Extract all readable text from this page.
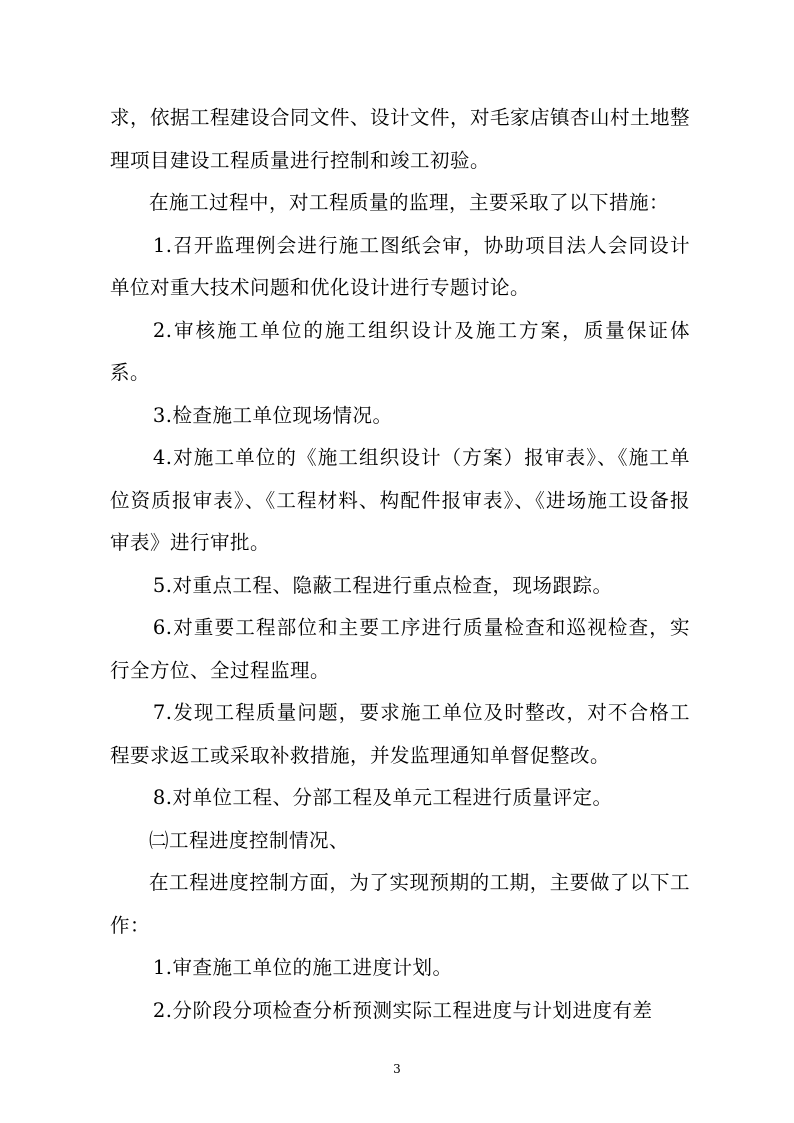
求，依据工程建设合同文件、设计文件，对毛家店镇杏山村土地整理项目建设工程质量进行控制和竣工初验。

在施工过程中，对工程质量的监理，主要采取了以下措施：

1.召开监理例会进行施工图纸会审，协助项目法人会同设计单位对重大技术问题和优化设计进行专题讨论。

2.审核施工单位的施工组织设计及施工方案，质量保证体系。

3.检查施工单位现场情况。

4.对施工单位的《施工组织设计（方案）报审表》、《施工单位资质报审表》、《工程材料、构配件报审表》、《进场施工设备报审表》进行审批。

5.对重点工程、隐蔽工程进行重点检查，现场跟踪。

6.对重要工程部位和主要工序进行质量检查和巡视检查，实行全方位、全过程监理。

7.发现工程质量问题，要求施工单位及时整改，对不合格工程要求返工或采取补救措施，并发监理通知单督促整改。

8.对单位工程、分部工程及单元工程进行质量评定。

㈡工程进度控制情况、

在工程进度控制方面，为了实现预期的工期，主要做了以下工作：

1.审查施工单位的施工进度计划。

2.分阶段分项检查分析预测实际工程进度与计划进度有差

3
